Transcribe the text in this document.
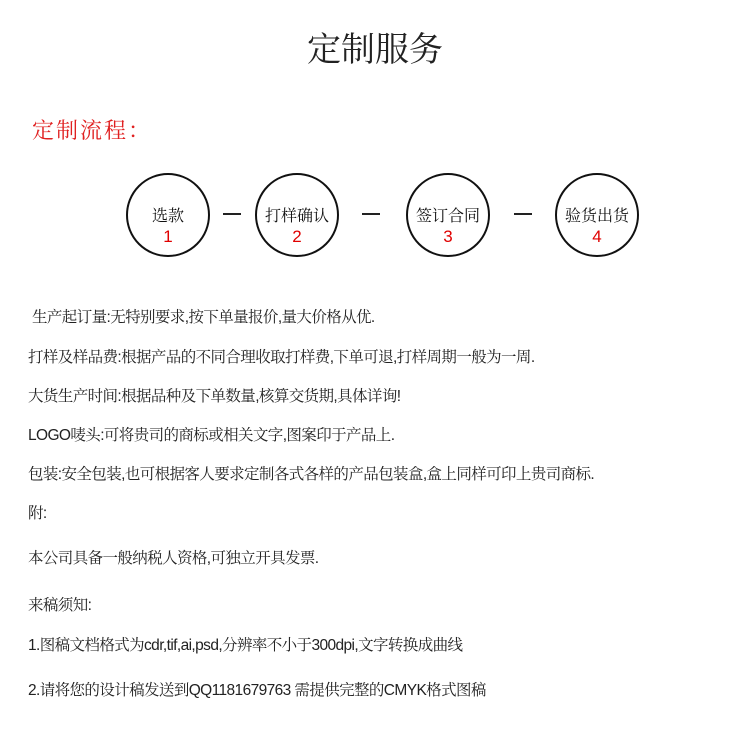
定制服务
定制流程：
选款
1
打样确认
2
签订合同
3
验货出货
4
生产起订量:无特别要求,按下单量报价,量大价格从优.
打样及样品费:根据产品的不同合理收取打样费,下单可退,打样周期一般为一周.
大货生产时间:根据品种及下单数量,核算交货期,具体详询!
LOGO唛头:可将贵司的商标或相关文字,图案印于产品上.
包装:安全包装,也可根据客人要求定制各式各样的产品包装盒,盒上同样可印上贵司商标.
附:
本公司具备一般纳税人资格,可独立开具发票.
来稿须知:
1.图稿文档格式为cdr,tif,ai,psd,分辨率不小于300dpi,文字转换成曲线
2.请将您的设计稿发送到QQ1181679763 需提供完整的CMYK格式图稿
